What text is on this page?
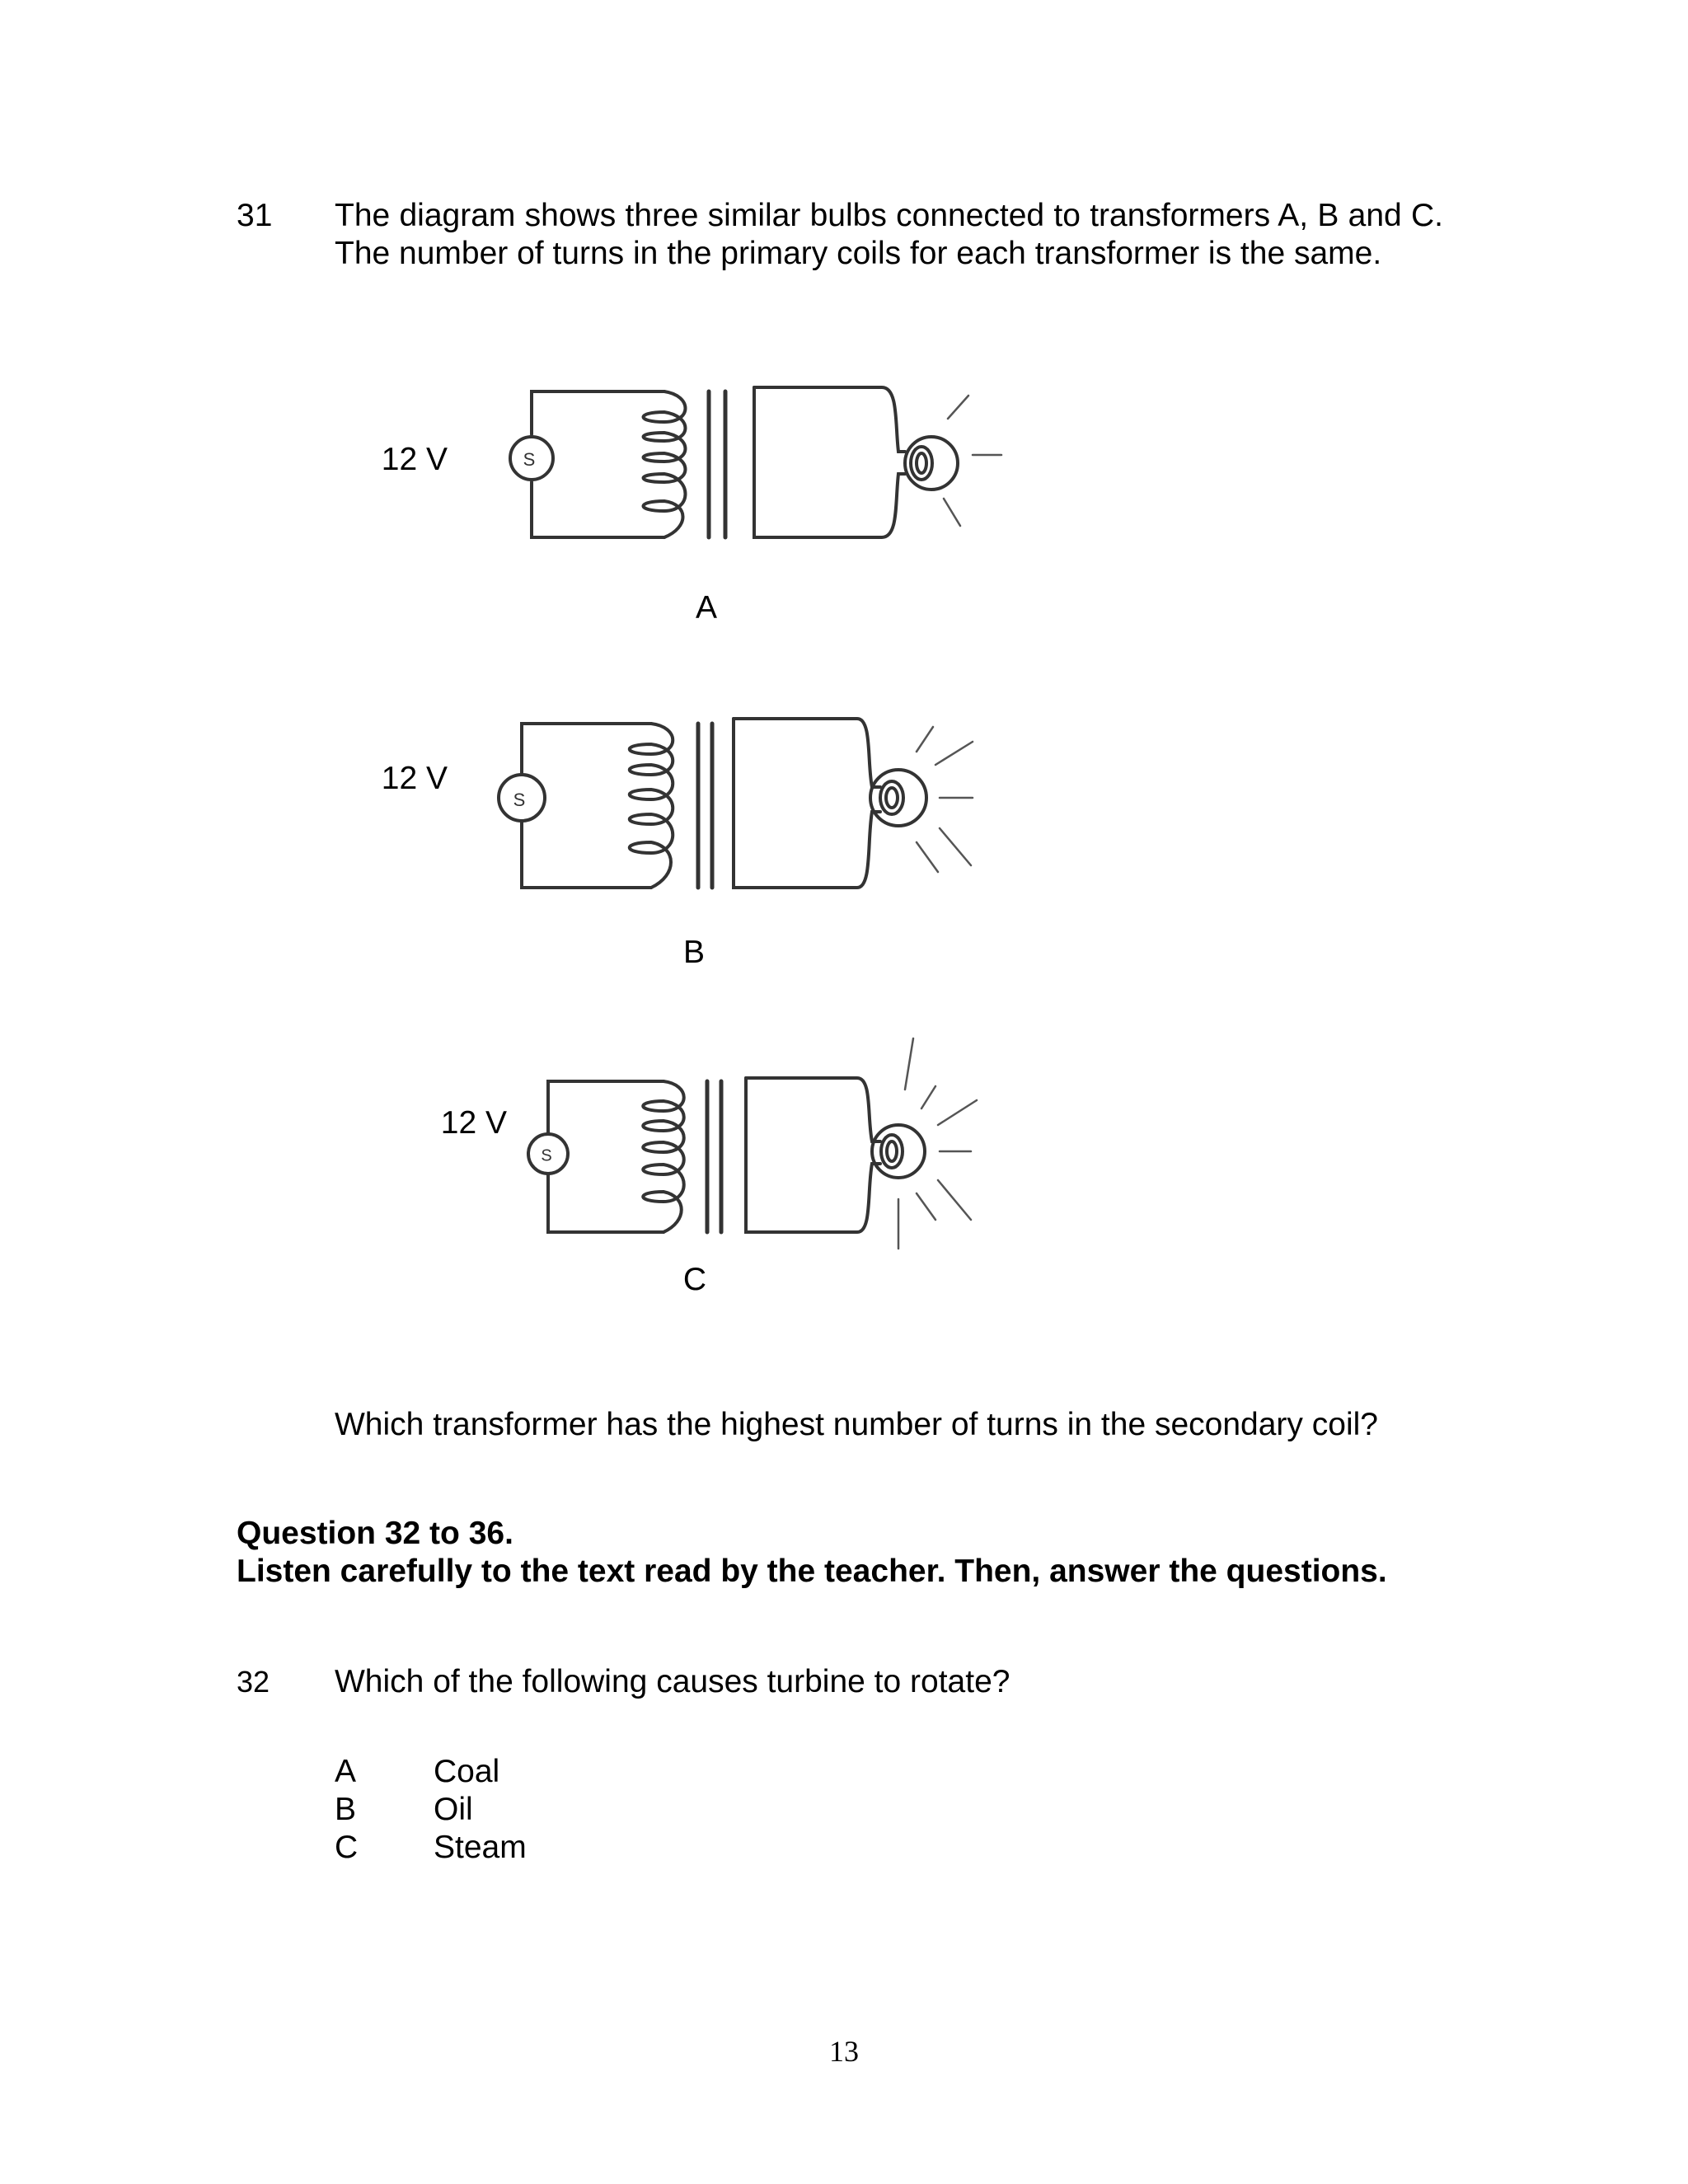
31 The diagram shows three similar bulbs connected to transformers A, B and C. The number of turns in the primary coils for each transformer is the same.
12 V	S
A
12 V
S
B
12 V
S
C
Which transformer has the highest number of turns in the secondary coil?
Question 32 to 36.
Listen carefully to the text read by the teacher. Then, answer the questions.
32 Which of the following causes turbine to rotate?
A Coal
B Oil
C Steam
13
